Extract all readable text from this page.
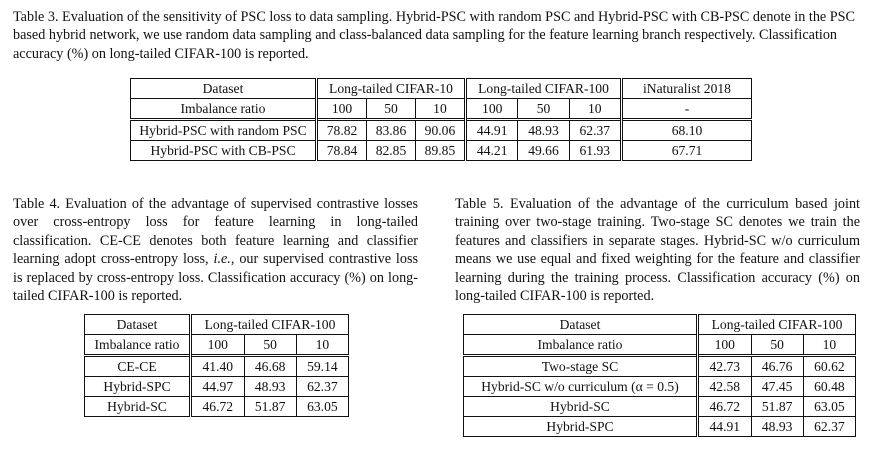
Table 3. Evaluation of the sensitivity of PSC loss to data sampling. Hybrid-PSC with random PSC and Hybrid-PSC with CB-PSC denote in the PSC based hybrid network, we use random data sampling and class-balanced data sampling for the feature learning branch respectively. Classification accuracy (%) on long-tailed CIFAR-100 is reported.
Dataset	Long-tailed CIFAR-10			Long-tailed CIFAR-100			iNaturalist 2018
Imbalance ratio	100	50	10	100	50	10	-
Hybrid-PSC with random PSC	78.82	83.86	90.06	44.91	48.93	62.37	68.10
Hybrid-PSC with CB-PSC	78.84	82.85	89.85	44.21	49.66	61.93	67.71
Table 4. Evaluation of the advantage of supervised contrastive losses over cross-entropy loss for feature learning in long-tailed classification. CE-CE denotes both feature learning and classifier learning adopt cross-entropy loss, i.e., our supervised contrastive loss is replaced by cross-entropy loss. Classification accuracy (%) on long-tailed CIFAR-100 is reported.
Dataset	Long-tailed CIFAR-100		
Imbalance ratio	100	50	10
CE-CE	41.40	46.68	59.14
Hybrid-SPC	44.97	48.93	62.37
Hybrid-SC	46.72	51.87	63.05
Table 5. Evaluation of the advantage of the curriculum based joint training over two-stage training. Two-stage SC denotes we train the features and classifiers in separate stages. Hybrid-SC w/o curriculum means we use equal and fixed weighting for the feature and classifier learning during the training process. Classification accuracy (%) on long-tailed CIFAR-100 is reported.
Dataset	Long-tailed CIFAR-100		
Imbalance ratio	100	50	10
Two-stage SC	42.73	46.76	60.62
Hybrid-SC w/o curriculum (α = 0.5)	42.58	47.45	60.48
Hybrid-SC	46.72	51.87	63.05
Hybrid-SPC	44.91	48.93	62.37
